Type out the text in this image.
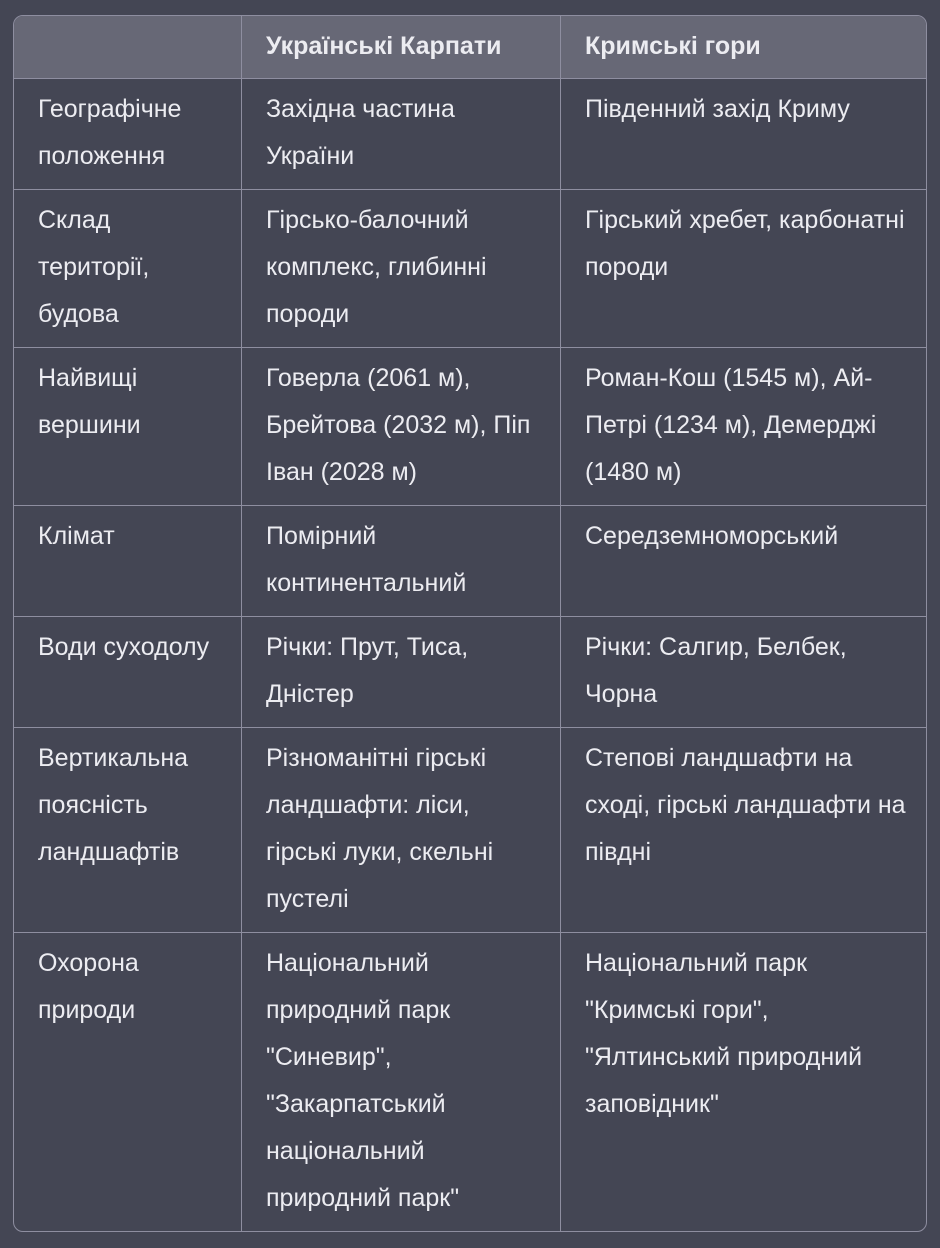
	Українські Карпати	Кримські гори
Географічне положення	Західна частина України	Південний захід Криму
Склад території, будова	Гірсько-балочний комплекс, глибинні породи	Гірський хребет, карбонатні породи
Найвищі вершини	Говерла (2061 м), Брейтова (2032 м), Піп Іван (2028 м)	Роман-Кош (1545 м), Ай-Петрі (1234 м), Демерджі (1480 м)
Клімат	Помірний континентальний	Середземноморський
Води суходолу	Річки: Прут, Тиса, Дністер	Річки: Салгир, Белбек, Чорна
Вертикальна поясність ландшафтів	Різноманітні гірські ландшафти: ліси, гірські луки, скельні пустелі	Степові ландшафти на сході, гірські ландшафти на півдні
Охорона природи	Національний природний парк "Синевир", "Закарпатський національний природний парк"	Національний парк "Кримські гори", "Ялтинський природний заповідник"
